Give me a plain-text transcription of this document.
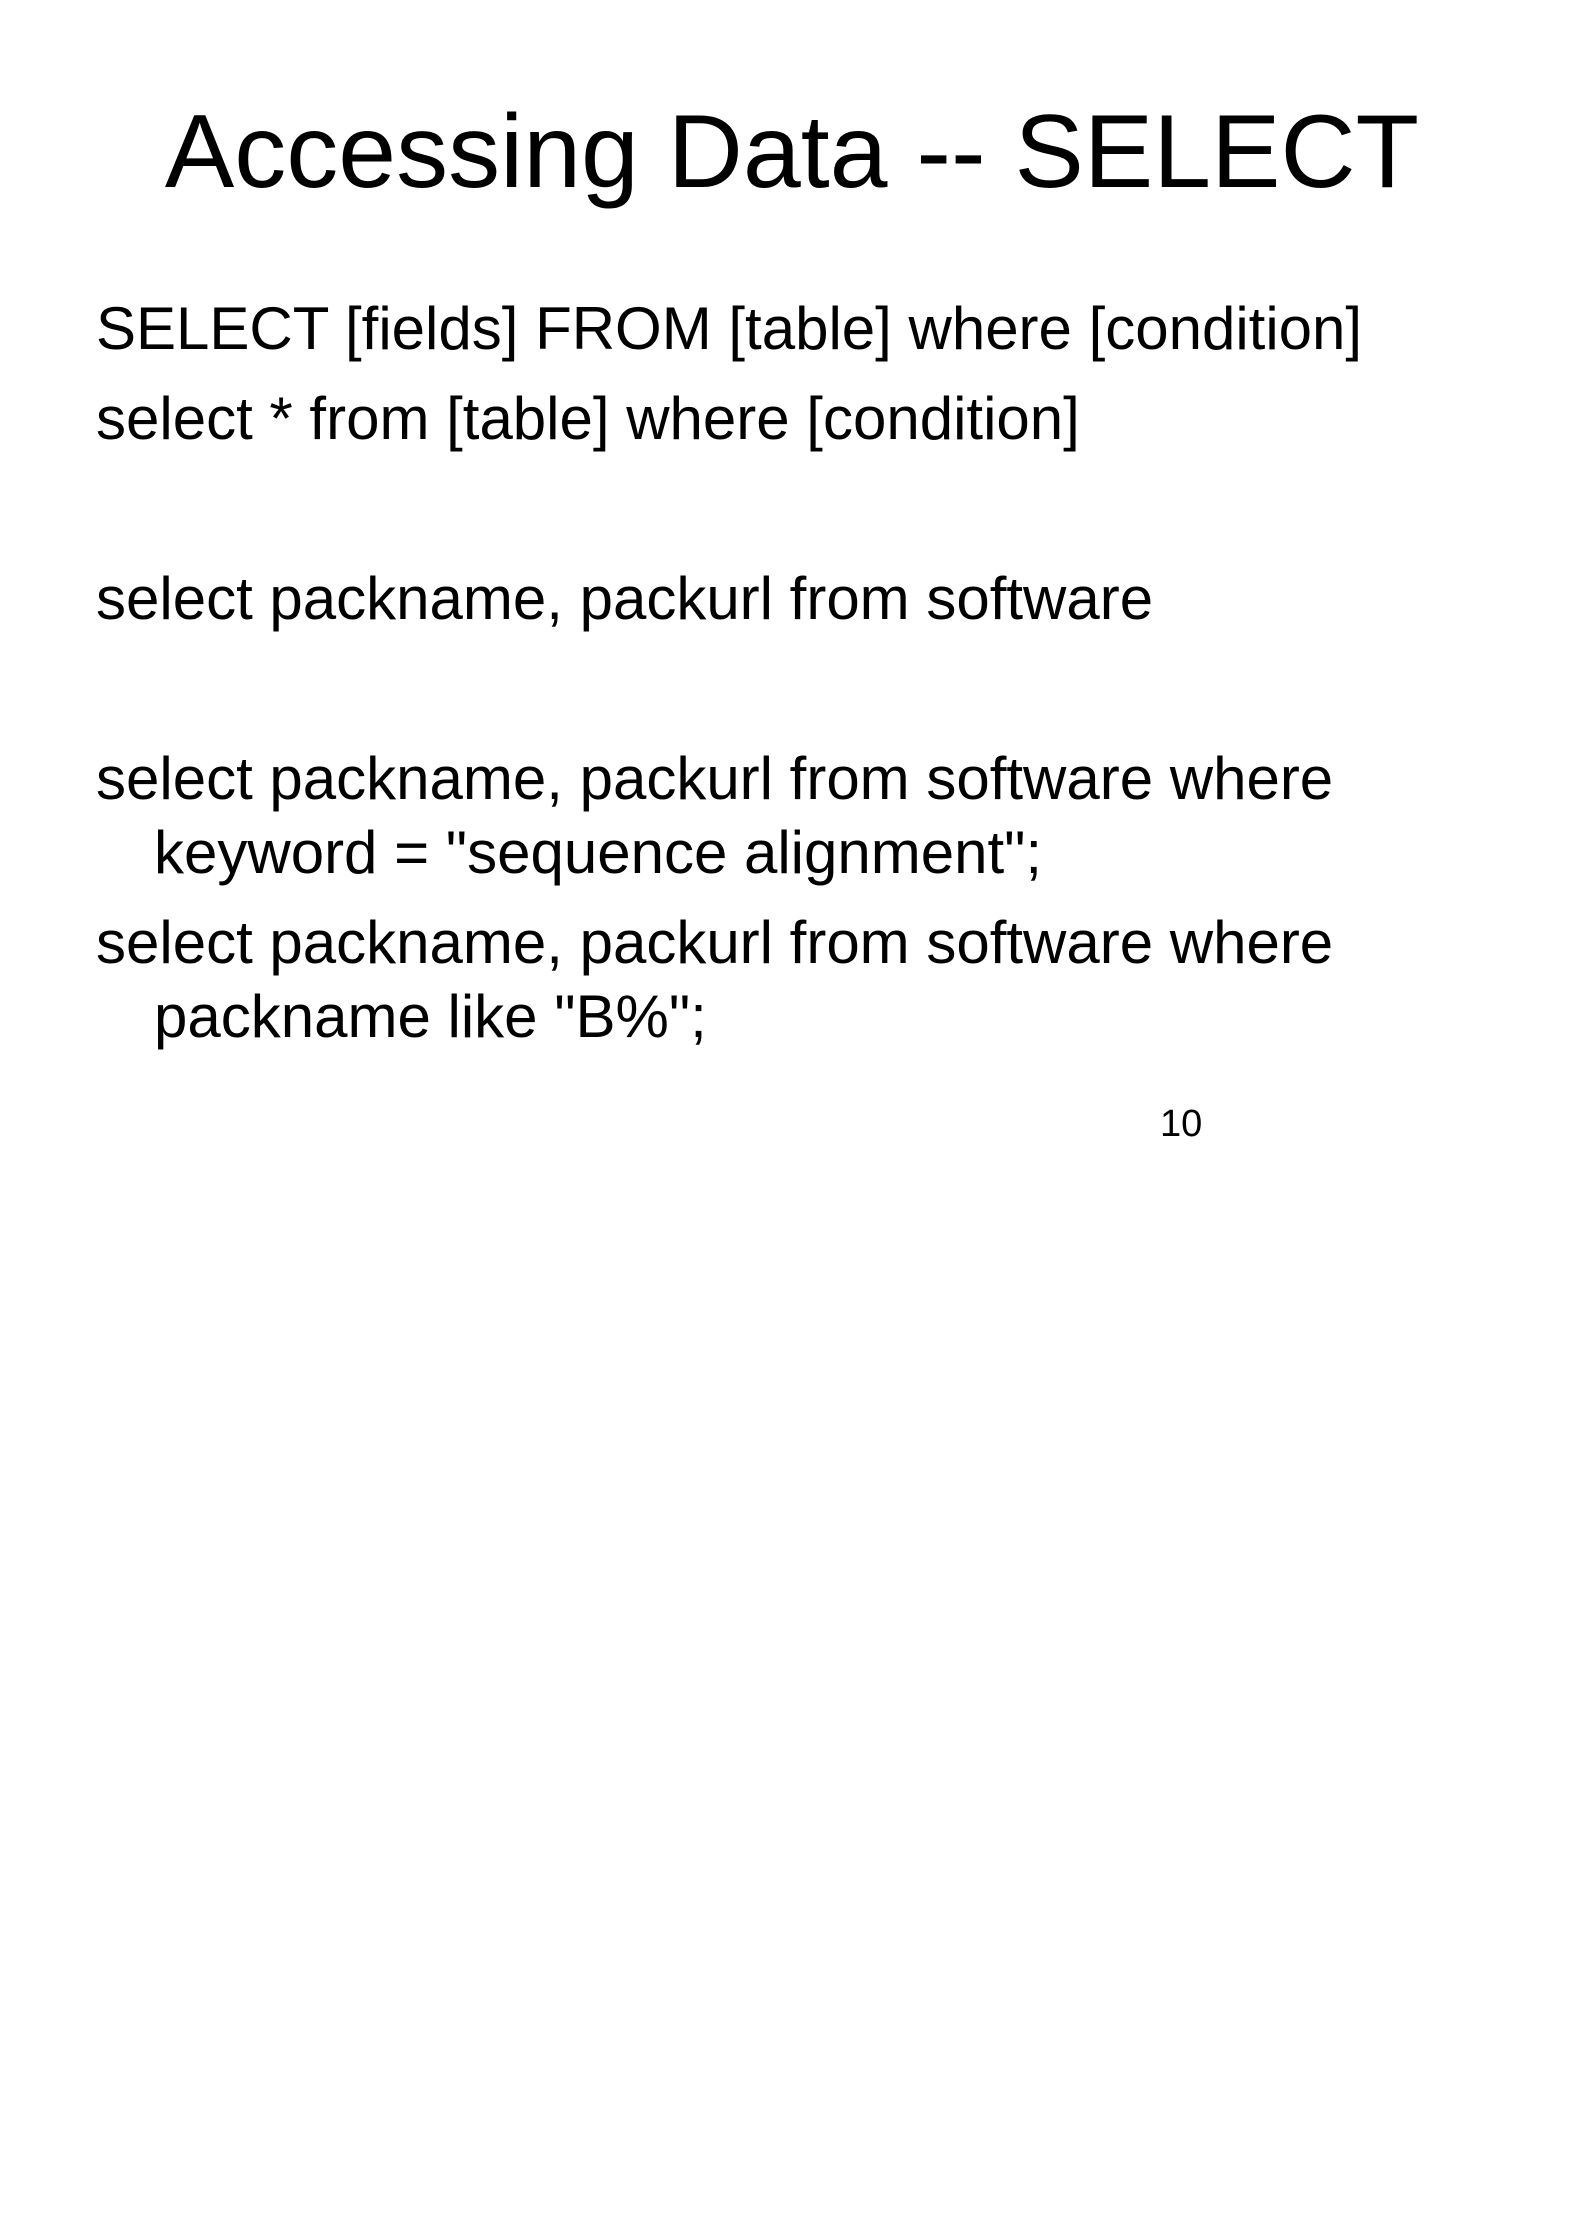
Accessing Data -- SELECT
SELECT [fields] FROM [table] where [condition]
select * from [table] where [condition]
select packname, packurl from software
select packname, packurl from software where
keyword = "sequence alignment";
select packname, packurl from software where
packname like "B%";
10
